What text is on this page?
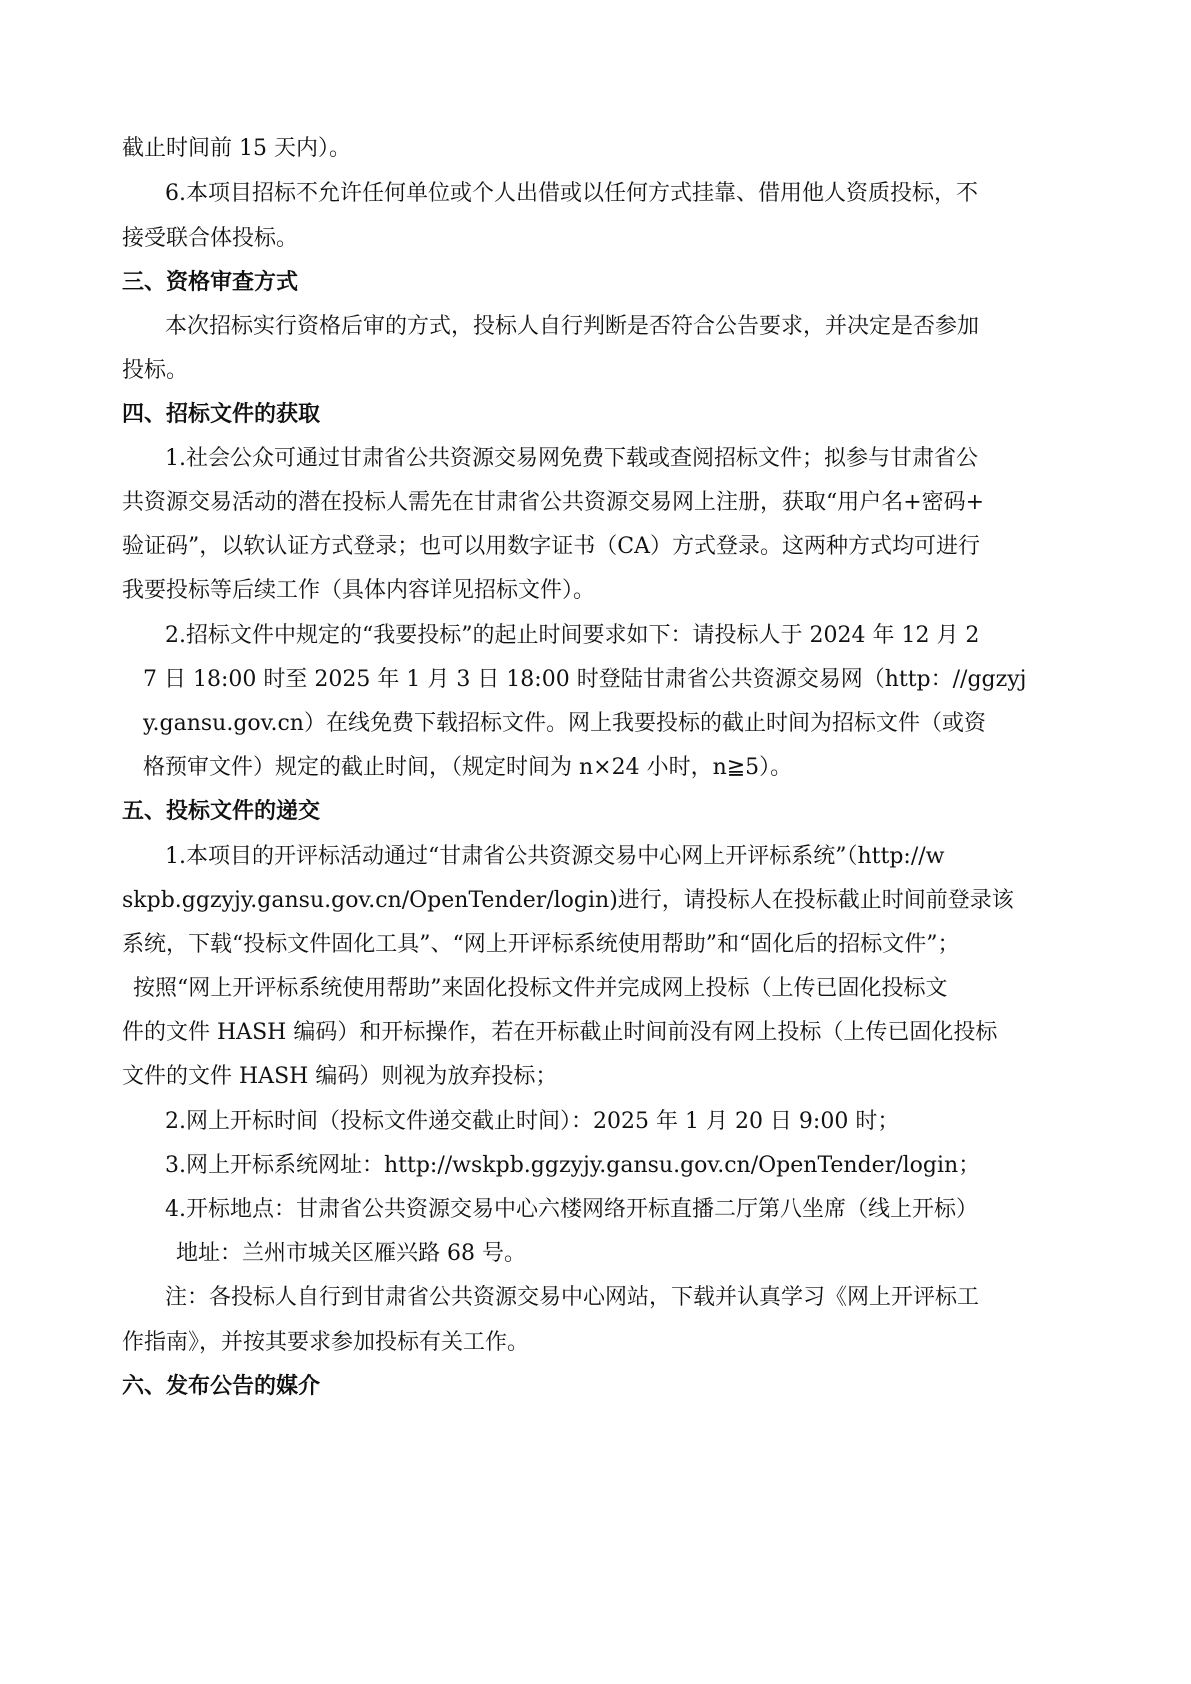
截止时间前 15 天内）。
6.本项目招标不允许任何单位或个人出借或以任何方式挂靠、借用他人资质投标，不
接受联合体投标。
三、资格审查方式
本次招标实行资格后审的方式，投标人自行判断是否符合公告要求，并决定是否参加
投标。
四、招标文件的获取
1.社会公众可通过甘肃省公共资源交易网免费下载或查阅招标文件；拟参与甘肃省公
共资源交易活动的潜在投标人需先在甘肃省公共资源交易网上注册，获取“用户名+密码+
验证码”，以软认证方式登录；也可以用数字证书（CA）方式登录。这两种方式均可进行
我要投标等后续工作（具体内容详见招标文件）。
2.招标文件中规定的“我要投标”的起止时间要求如下：请投标人于 2024 年 12 月 2
7 日 18:00 时至 2025 年 1 月 3 日 18:00 时登陆甘肃省公共资源交易网（http：//ggzyj
y.gansu.gov.cn）在线免费下载招标文件。网上我要投标的截止时间为招标文件（或资
格预审文件）规定的截止时间，（规定时间为 n×24 小时，n≧5）。
五、投标文件的递交
1.本项目的开评标活动通过“甘肃省公共资源交易中心网上开评标系统”（http://w
skpb.ggzyjy.gansu.gov.cn/OpenTender/login)进行，请投标人在投标截止时间前登录该
系统，下载“投标文件固化工具”、“网上开评标系统使用帮助”和“固化后的招标文件”；
按照“网上开评标系统使用帮助”来固化投标文件并完成网上投标（上传已固化投标文
件的文件 HASH 编码）和开标操作，若在开标截止时间前没有网上投标（上传已固化投标
文件的文件 HASH 编码）则视为放弃投标；
2.网上开标时间（投标文件递交截止时间）：2025 年 1 月 20 日 9:00 时；
3.网上开标系统网址：http://wskpb.ggzyjy.gansu.gov.cn/OpenTender/login；
4.开标地点：甘肃省公共资源交易中心六楼网络开标直播二厅第八坐席（线上开标）
地址：兰州市城关区雁兴路 68 号。
注：各投标人自行到甘肃省公共资源交易中心网站，下载并认真学习《网上开评标工
作指南》，并按其要求参加投标有关工作。
六、发布公告的媒介
